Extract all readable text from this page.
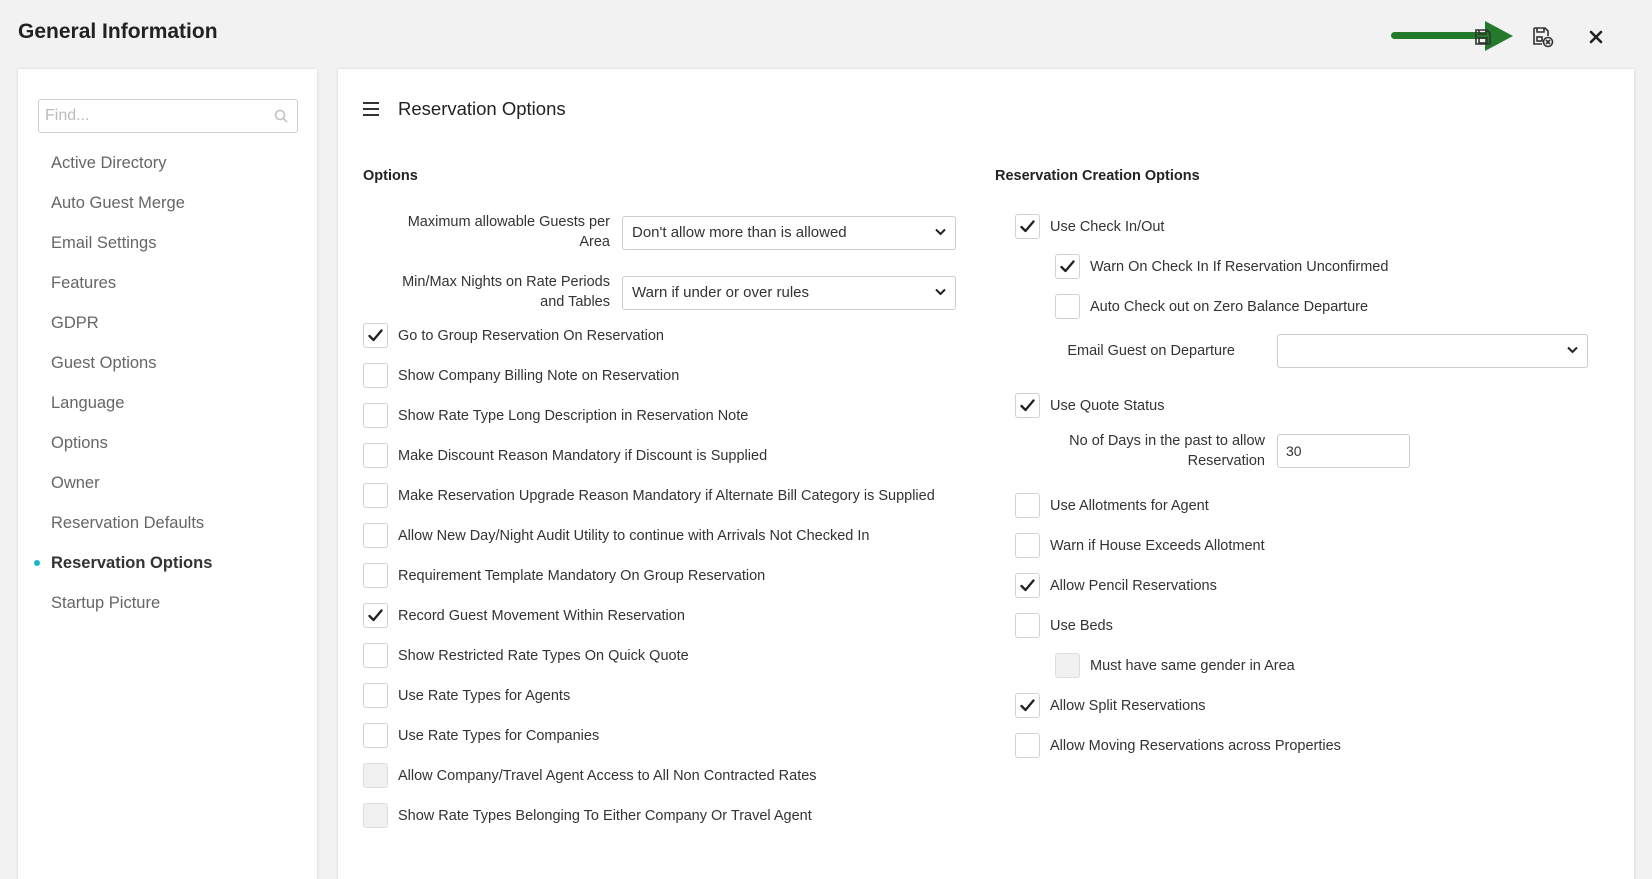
General Information
Find...
Active Directory
Auto Guest Merge
Email Settings
Features
GDPR
Guest Options
Language
Options
Owner
Reservation Defaults
Reservation Options
Startup Picture
Reservation Options
Options
Maximum allowable Guests per Area
Don't allow more than is allowed
Min/Max Nights on Rate Periods and Tables
Warn if under or over rules
Go to Group Reservation On Reservation
Show Company Billing Note on Reservation
Show Rate Type Long Description in Reservation Note
Make Discount Reason Mandatory if Discount is Supplied
Make Reservation Upgrade Reason Mandatory if Alternate Bill Category is Supplied
Allow New Day/Night Audit Utility to continue with Arrivals Not Checked In
Requirement Template Mandatory On Group Reservation
Record Guest Movement Within Reservation
Show Restricted Rate Types On Quick Quote
Use Rate Types for Agents
Use Rate Types for Companies
Allow Company/Travel Agent Access to All Non Contracted Rates
Show Rate Types Belonging To Either Company Or Travel Agent
Reservation Creation Options
Use Check In/Out
Warn On Check In If Reservation Unconfirmed
Auto Check out on Zero Balance Departure
Email Guest on Departure
Use Quote Status
No of Days in the past to allow Reservation
30
Use Allotments for Agent
Warn if House Exceeds Allotment
Allow Pencil Reservations
Use Beds
Must have same gender in Area
Allow Split Reservations
Allow Moving Reservations across Properties
